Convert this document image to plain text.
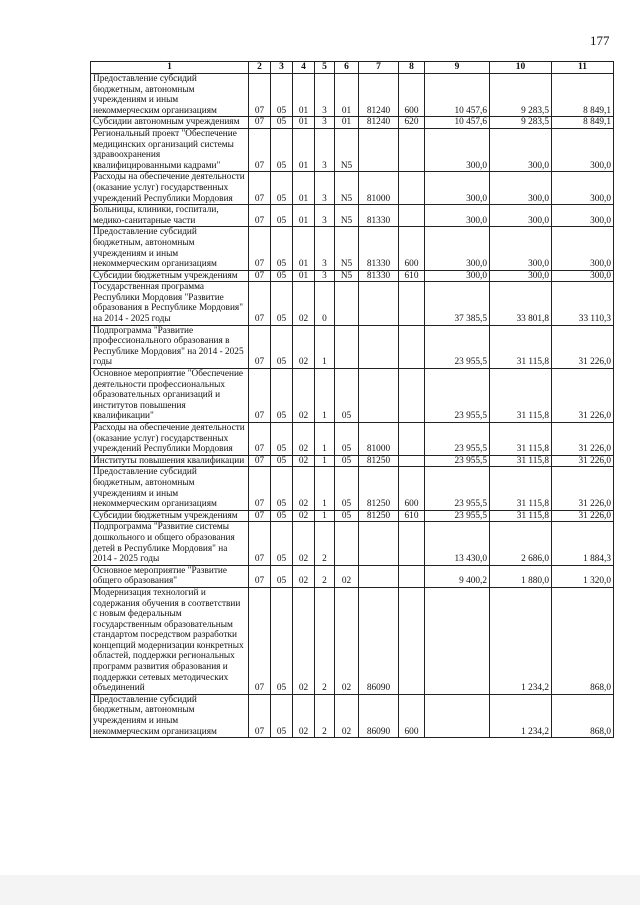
177
1	2	3	4	5	6	7	8	9	10	11
Предоставление субсидий бюджетным, автономным учреждениям и иным некоммерческим организациям	07	05	01	3	01	81240	600	10 457,6	9 283,5	8 849,1
Субсидии автономным учреждениям	07	05	01	3	01	81240	620	10 457,6	9 283,5	8 849,1
Региональный проект "Обеспечение медицинских организаций системы здравоохранения квалифицированными кадрами"	07	05	01	3	N5			300,0	300,0	300,0
Расходы на обеспечение деятельности (оказание услуг) государственных учреждений Республики Мордовия	07	05	01	3	N5	81000		300,0	300,0	300,0
Больницы, клиники, госпитали, медико-санитарные части	07	05	01	3	N5	81330		300,0	300,0	300,0
Предоставление субсидий бюджетным, автономным учреждениям и иным некоммерческим организациям	07	05	01	3	N5	81330	600	300,0	300,0	300,0
Субсидии бюджетным учреждениям	07	05	01	3	N5	81330	610	300,0	300,0	300,0
Государственная программа Республики Мордовия "Развитие образования в Республике Мордовия" на 2014 - 2025 годы	07	05	02	0				37 385,5	33 801,8	33 110,3
Подпрограмма "Развитие профессионального образования в Республике Мордовия" на 2014 - 2025 годы	07	05	02	1				23 955,5	31 115,8	31 226,0
Основное мероприятие "Обеспечение деятельности профессиональных образовательных организаций и институтов повышения квалификации"	07	05	02	1	05			23 955,5	31 115,8	31 226,0
Расходы на обеспечение деятельности (оказание услуг) государственных учреждений Республики Мордовия	07	05	02	1	05	81000		23 955,5	31 115,8	31 226,0
Институты повышения квалификации	07	05	02	1	05	81250		23 955,5	31 115,8	31 226,0
Предоставление субсидий бюджетным, автономным учреждениям и иным некоммерческим организациям	07	05	02	1	05	81250	600	23 955,5	31 115,8	31 226,0
Субсидии бюджетным учреждениям	07	05	02	1	05	81250	610	23 955,5	31 115,8	31 226,0
Подпрограмма "Развитие системы дошкольного и общего образования детей в Республике Мордовия" на 2014 - 2025 годы	07	05	02	2				13 430,0	2 686,0	1 884,3
Основное мероприятие "Развитие общего образования"	07	05	02	2	02			9 400,2	1 880,0	1 320,0
Модернизация технологий и содержания обучения в соответствии с новым федеральным государственным образовательным стандартом посредством разработки концепций модернизации конкретных областей, поддержки региональных программ развития образования и поддержки сетевых методических объединений	07	05	02	2	02	86090			1 234,2	868,0
Предоставление субсидий бюджетным, автономным учреждениям и иным некоммерческим организациям	07	05	02	2	02	86090	600		1 234,2	868,0
